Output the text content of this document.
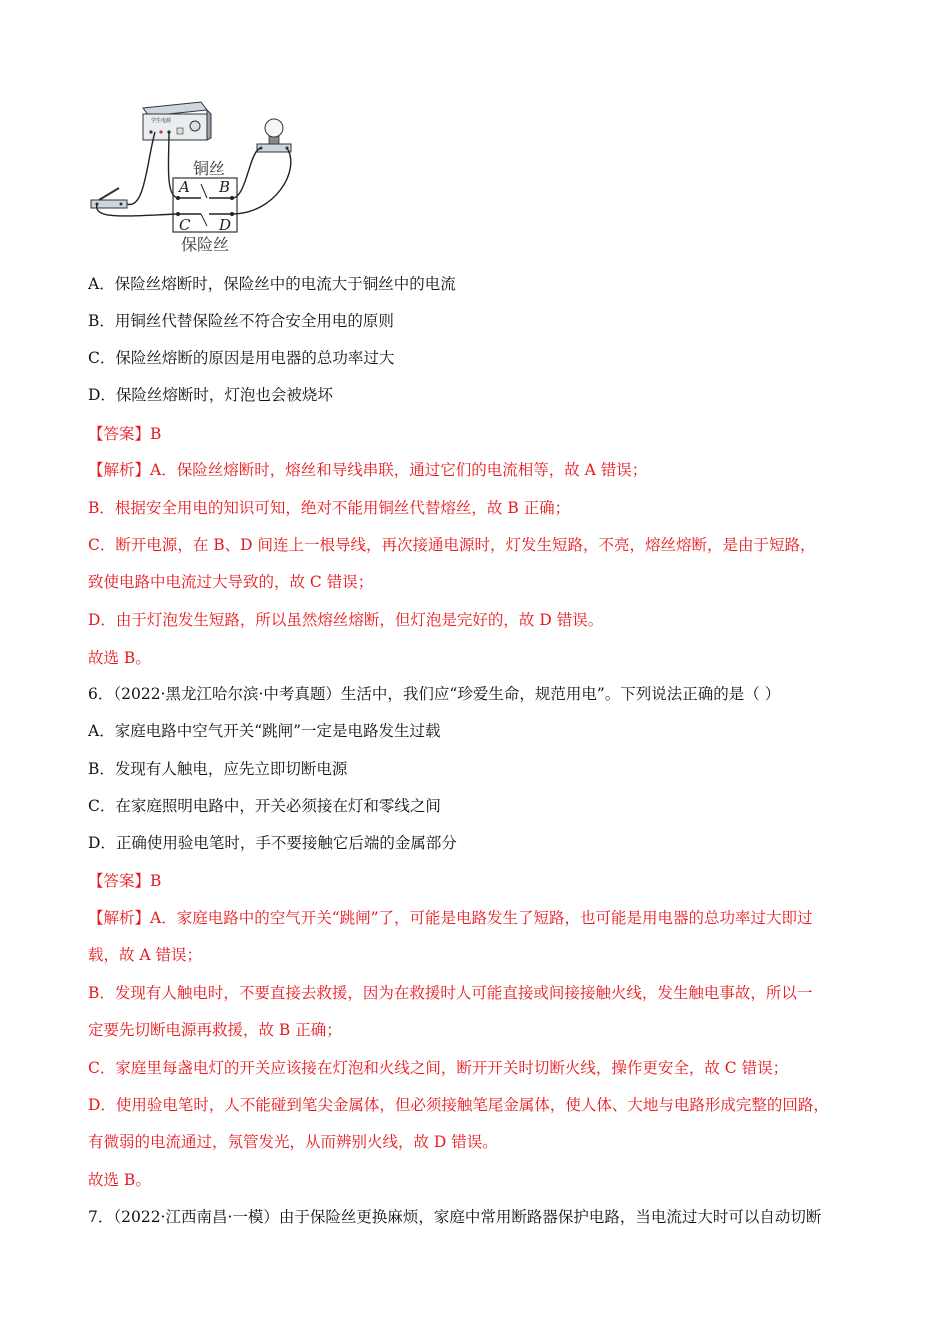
学生电源
铜丝
A B
C D
保险丝
A．保险丝熔断时，保险丝中的电流大于铜丝中的电流
B．用铜丝代替保险丝不符合安全用电的原则
C．保险丝熔断的原因是用电器的总功率过大
D．保险丝熔断时，灯泡也会被烧坏
【答案】B
【解析】A．保险丝熔断时，熔丝和导线串联，通过它们的电流相等，故 A 错误；
B．根据安全用电的知识可知，绝对不能用铜丝代替熔丝，故 B 正确；
C．断开电源，在 B、D 间连上一根导线，再次接通电源时，灯发生短路，不亮，熔丝熔断，是由于短路，
致使电路中电流过大导致的，故 C 错误；
D．由于灯泡发生短路，所以虽然熔丝熔断，但灯泡是完好的，故 D 错误。
故选 B。
6．（2022·黑龙江哈尔滨·中考真题）生活中，我们应“珍爱生命，规范用电”。下列说法正确的是（ ）
A．家庭电路中空气开关“跳闸”一定是电路发生过载
B．发现有人触电，应先立即切断电源
C．在家庭照明电路中，开关必须接在灯和零线之间
D．正确使用验电笔时，手不要接触它后端的金属部分
【答案】B
【解析】A．家庭电路中的空气开关“跳闸”了，可能是电路发生了短路，也可能是用电器的总功率过大即过
载，故 A 错误；
B．发现有人触电时，不要直接去救援，因为在救援时人可能直接或间接接触火线，发生触电事故，所以一
定要先切断电源再救援，故 B 正确；
C．家庭里每盏电灯的开关应该接在灯泡和火线之间，断开开关时切断火线，操作更安全，故 C 错误；
D．使用验电笔时，人不能碰到笔尖金属体，但必须接触笔尾金属体，使人体、大地与电路形成完整的回路，
有微弱的电流通过，氖管发光，从而辨别火线，故 D 错误。
故选 B。
7．（2022·江西南昌·一模）由于保险丝更换麻烦，家庭中常用断路器保护电路，当电流过大时可以自动切断
